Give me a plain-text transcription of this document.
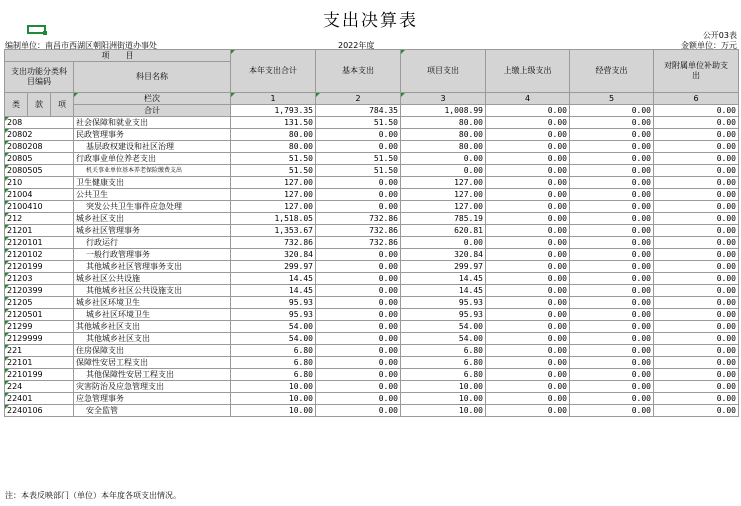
支出决算表
公开03表
编制单位：南昌市西湖区朝阳洲街道办事处	2022年度	金额单位：万元
项　　目				本年支出合计	基本支出	项目支出	上缴上级支出	经营支出	对附属单位补助支出
支出功能分类科目编码			科目名称						

类	款	项	栏次	1	2	3	4	5	6
			合计	1,793.35	784.35	1,008.99	0.00	0.00	0.00
208			社会保障和就业支出	131.50	51.50	80.00	0.00	0.00	0.00
20802			民政管理事务	80.00	0.00	80.00	0.00	0.00	0.00
2080208			基层政权建设和社区治理	80.00	0.00	80.00	0.00	0.00	0.00
20805			行政事业单位养老支出	51.50	51.50	0.00	0.00	0.00	0.00
2080505			机关事业单位基本养老保险缴费支出	51.50	51.50	0.00	0.00	0.00	0.00
210			卫生健康支出	127.00	0.00	127.00	0.00	0.00	0.00
21004			公共卫生	127.00	0.00	127.00	0.00	0.00	0.00
2100410			突发公共卫生事件应急处理	127.00	0.00	127.00	0.00	0.00	0.00
212			城乡社区支出	1,518.05	732.86	785.19	0.00	0.00	0.00
21201			城乡社区管理事务	1,353.67	732.86	620.81	0.00	0.00	0.00
2120101			行政运行	732.86	732.86	0.00	0.00	0.00	0.00
2120102			一般行政管理事务	320.84	0.00	320.84	0.00	0.00	0.00
2120199			其他城乡社区管理事务支出	299.97	0.00	299.97	0.00	0.00	0.00
21203			城乡社区公共设施	14.45	0.00	14.45	0.00	0.00	0.00
2120399			其他城乡社区公共设施支出	14.45	0.00	14.45	0.00	0.00	0.00
21205			城乡社区环境卫生	95.93	0.00	95.93	0.00	0.00	0.00
2120501			城乡社区环境卫生	95.93	0.00	95.93	0.00	0.00	0.00
21299			其他城乡社区支出	54.00	0.00	54.00	0.00	0.00	0.00
2129999			其他城乡社区支出	54.00	0.00	54.00	0.00	0.00	0.00
221			住房保障支出	6.80	0.00	6.80	0.00	0.00	0.00
22101			保障性安居工程支出	6.80	0.00	6.80	0.00	0.00	0.00
2210199			其他保障性安居工程支出	6.80	0.00	6.80	0.00	0.00	0.00
224			灾害防治及应急管理支出	10.00	0.00	10.00	0.00	0.00	0.00
22401			应急管理事务	10.00	0.00	10.00	0.00	0.00	0.00
2240106			安全监管	10.00	0.00	10.00	0.00	0.00	0.00
注：本表反映部门（单位）本年度各项支出情况。
